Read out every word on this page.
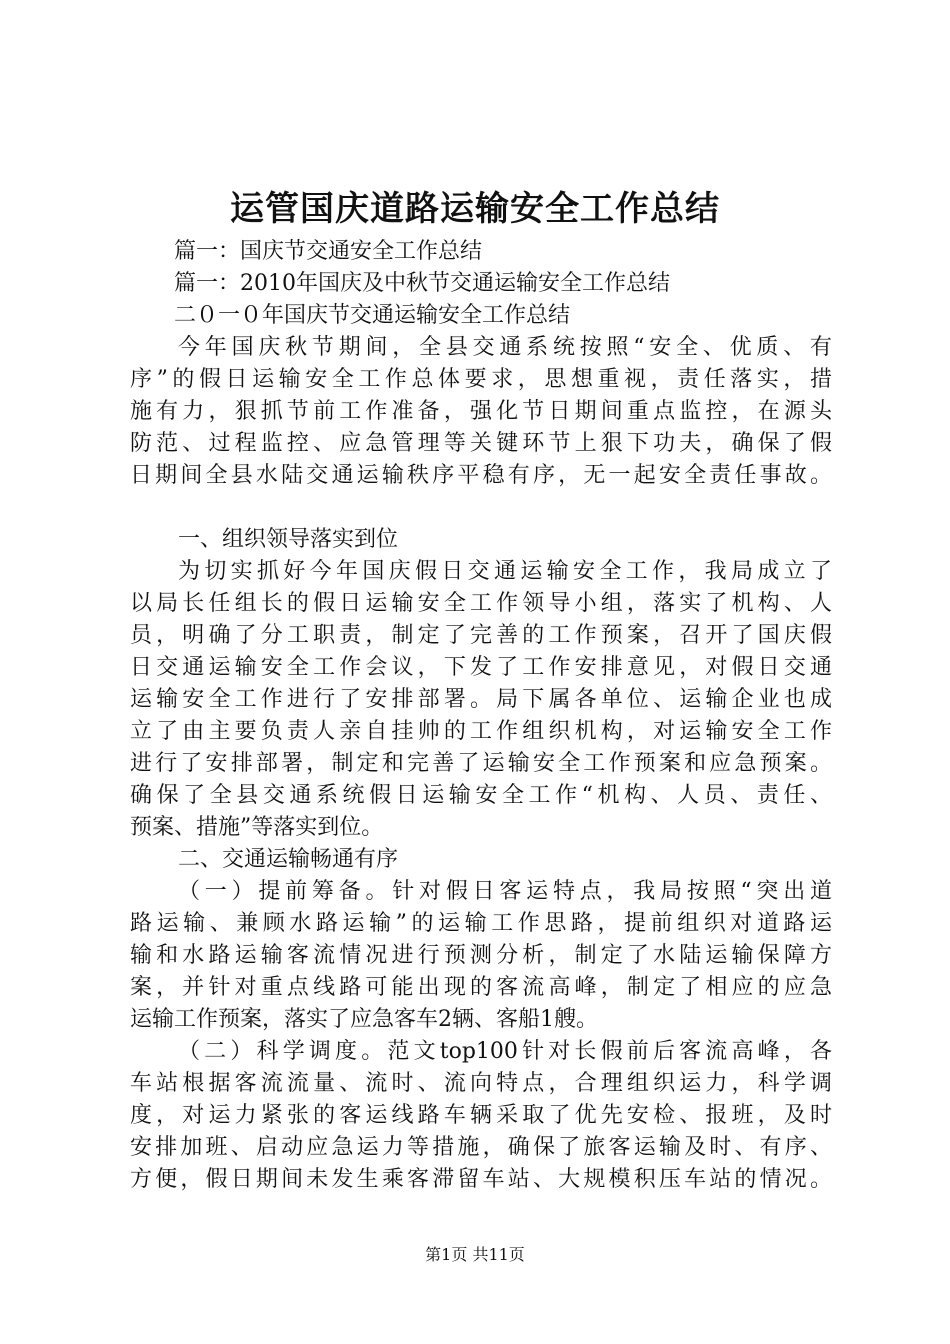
运管国庆道路运输安全工作总结
篇一：国庆节交通安全工作总结
篇一：2010年国庆及中秋节交通运输安全工作总结
二０一０年国庆节交通运输安全工作总结
今年国庆秋节期间，全县交通系统按照“安全、优质、有
序”的假日运输安全工作总体要求，思想重视，责任落实，措
施有力，狠抓节前工作准备，强化节日期间重点监控，在源头
防范、过程监控、应急管理等关键环节上狠下功夫，确保了假
日期间全县水陆交通运输秩序平稳有序，无一起安全责任事故。
一、组织领导落实到位
为切实抓好今年国庆假日交通运输安全工作，我局成立了
以局长任组长的假日运输安全工作领导小组，落实了机构、人
员，明确了分工职责，制定了完善的工作预案，召开了国庆假
日交通运输安全工作会议，下发了工作安排意见，对假日交通
运输安全工作进行了安排部署。局下属各单位、运输企业也成
立了由主要负责人亲自挂帅的工作组织机构，对运输安全工作
进行了安排部署，制定和完善了运输安全工作预案和应急预案。
确保了全县交通系统假日运输安全工作“机构、人员、责任、
预案、措施”等落实到位。
二、交通运输畅通有序
（一）提前筹备。针对假日客运特点，我局按照“突出道
路运输、兼顾水路运输”的运输工作思路，提前组织对道路运
输和水路运输客流情况进行预测分析，制定了水陆运输保障方
案，并针对重点线路可能出现的客流高峰，制定了相应的应急
运输工作预案，落实了应急客车2辆、客船1艘。
（二）科学调度。范文top100针对长假前后客流高峰，各
车站根据客流流量、流时、流向特点，合理组织运力，科学调
度，对运力紧张的客运线路车辆采取了优先安检、报班，及时
安排加班、启动应急运力等措施，确保了旅客运输及时、有序、
方便，假日期间未发生乘客滞留车站、大规模积压车站的情况。
第1页 共11页
